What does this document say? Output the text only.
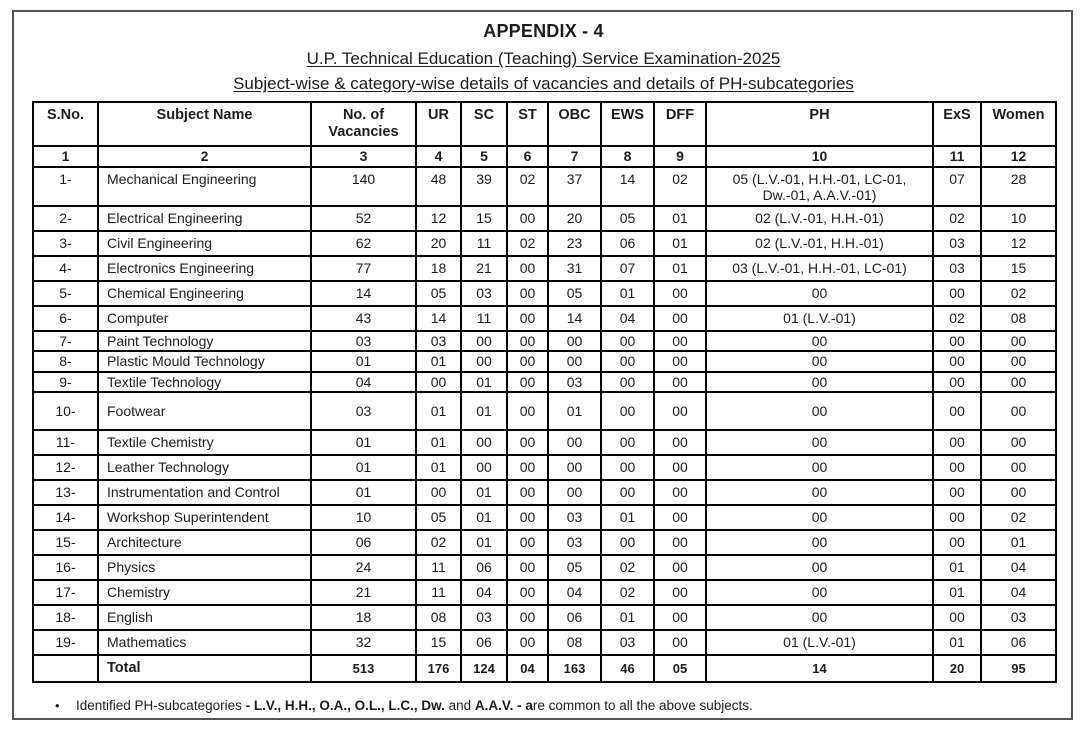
APPENDIX - 4
U.P. Technical Education (Teaching) Service Examination-2025
Subject-wise & category-wise details of vacancies and details of PH-subcategories
S.No.	Subject Name	No. of Vacancies	UR	SC	ST	OBC	EWS	DFF	PH	ExS	Women
1	2	3	4	5	6	7	8	9	10	11	12
1-	Mechanical Engineering	140	48	39	02	37	14	02	05 (L.V.-01, H.H.-01, LC-01, Dw.-01, A.A.V.-01)	07	28
2-	Electrical Engineering	52	12	15	00	20	05	01	02 (L.V.-01, H.H.-01)	02	10
3-	Civil Engineering	62	20	11	02	23	06	01	02 (L.V.-01, H.H.-01)	03	12
4-	Electronics Engineering	77	18	21	00	31	07	01	03 (L.V.-01, H.H.-01, LC-01)	03	15
5-	Chemical Engineering	14	05	03	00	05	01	00	00	00	02
6-	Computer	43	14	11	00	14	04	00	01 (L.V.-01)	02	08
7-	Paint Technology	03	03	00	00	00	00	00	00	00	00
8-	Plastic Mould Technology	01	01	00	00	00	00	00	00	00	00
9-	Textile Technology	04	00	01	00	03	00	00	00	00	00
10-	Footwear	03	01	01	00	01	00	00	00	00	00
11-	Textile Chemistry	01	01	00	00	00	00	00	00	00	00
12-	Leather Technology	01	01	00	00	00	00	00	00	00	00
13-	Instrumentation and Control	01	00	01	00	00	00	00	00	00	00
14-	Workshop Superintendent	10	05	01	00	03	01	00	00	00	02
15-	Architecture	06	02	01	00	03	00	00	00	00	01
16-	Physics	24	11	06	00	05	02	00	00	01	04
17-	Chemistry	21	11	04	00	04	02	00	00	01	04
18-	English	18	08	03	00	06	01	00	00	00	03
19-	Mathematics	32	15	06	00	08	03	00	01 (L.V.-01)	01	06
	Total	513	176	124	04	163	46	05	14	20	95
•	Identified PH-subcategories - L.V., H.H., O.A., O.L., L.C., Dw. and A.A.V. - are common to all the above subjects.
